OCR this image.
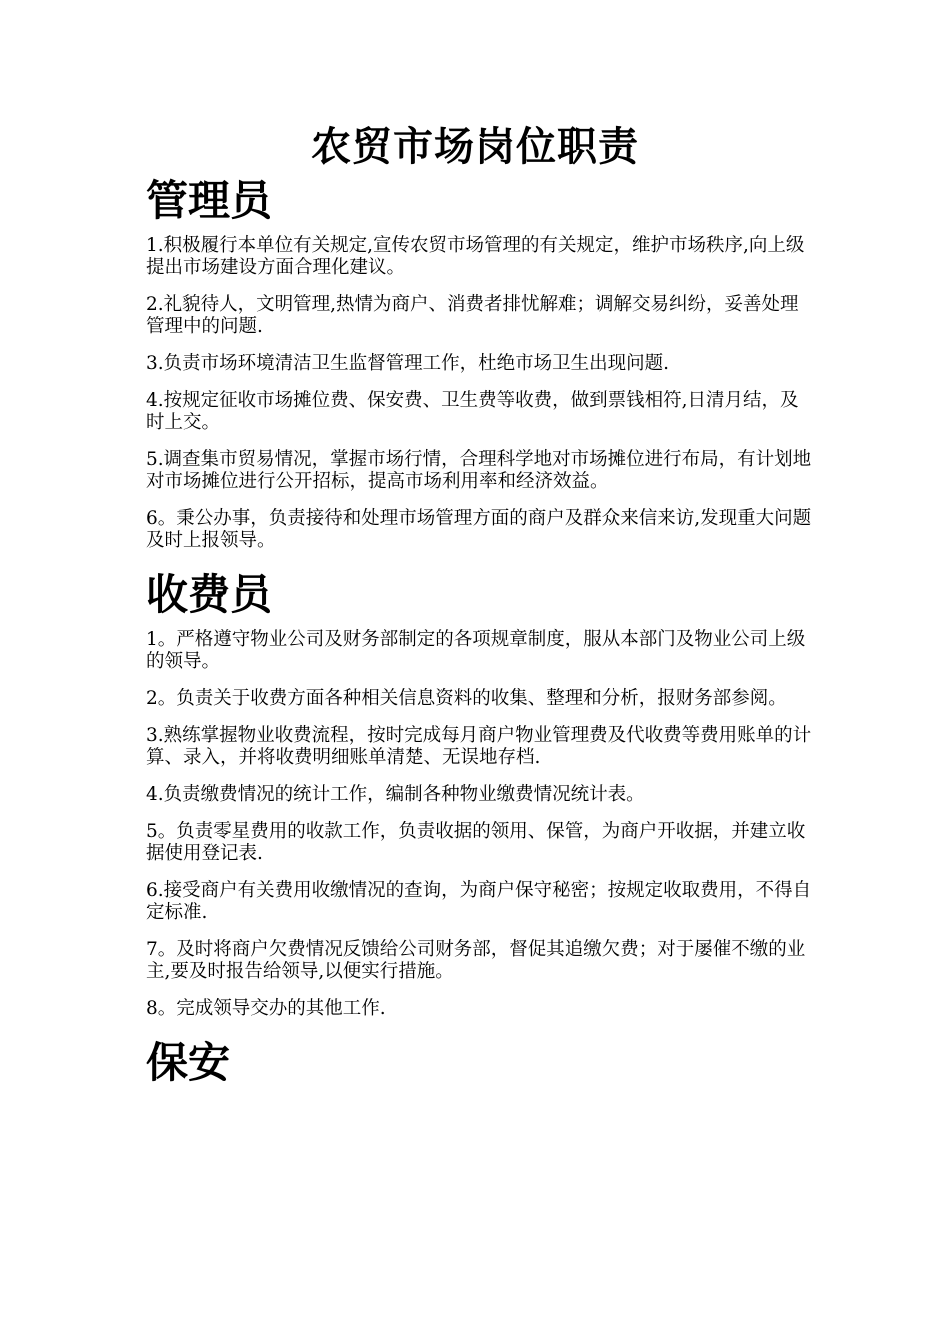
农贸市场岗位职责
管理员

1.积极履行本单位有关规定,宣传农贸市场管理的有关规定，维护市场秩序,向上级提出市场建设方面合理化建议。

2.礼貌待人，文明管理,热情为商户、消费者排忧解难；调解交易纠纷，妥善处理管理中的问题.

3.负责市场环境清洁卫生监督管理工作，杜绝市场卫生出现问题.

4.按规定征收市场摊位费、保安费、卫生费等收费，做到票钱相符,日清月结，及时上交。

5.调查集市贸易情况，掌握市场行情，合理科学地对市场摊位进行布局，有计划地对市场摊位进行公开招标，提高市场利用率和经济效益。

6。秉公办事，负责接待和处理市场管理方面的商户及群众来信来访,发现重大问题及时上报领导。

收费员

1。严格遵守物业公司及财务部制定的各项规章制度，服从本部门及物业公司上级的领导。

2。负责关于收费方面各种相关信息资料的收集、整理和分析，报财务部参阅。

3.熟练掌握物业收费流程，按时完成每月商户物业管理费及代收费等费用账单的计算、录入，并将收费明细账单清楚、无误地存档.

4.负责缴费情况的统计工作，编制各种物业缴费情况统计表。

5。负责零星费用的收款工作，负责收据的领用、保管，为商户开收据，并建立收据使用登记表.

6.接受商户有关费用收缴情况的查询，为商户保守秘密；按规定收取费用，不得自定标准.

7。及时将商户欠费情况反馈给公司财务部，督促其追缴欠费；对于屡催不缴的业主,要及时报告给领导,以便实行措施。

8。完成领导交办的其他工作.

保安
